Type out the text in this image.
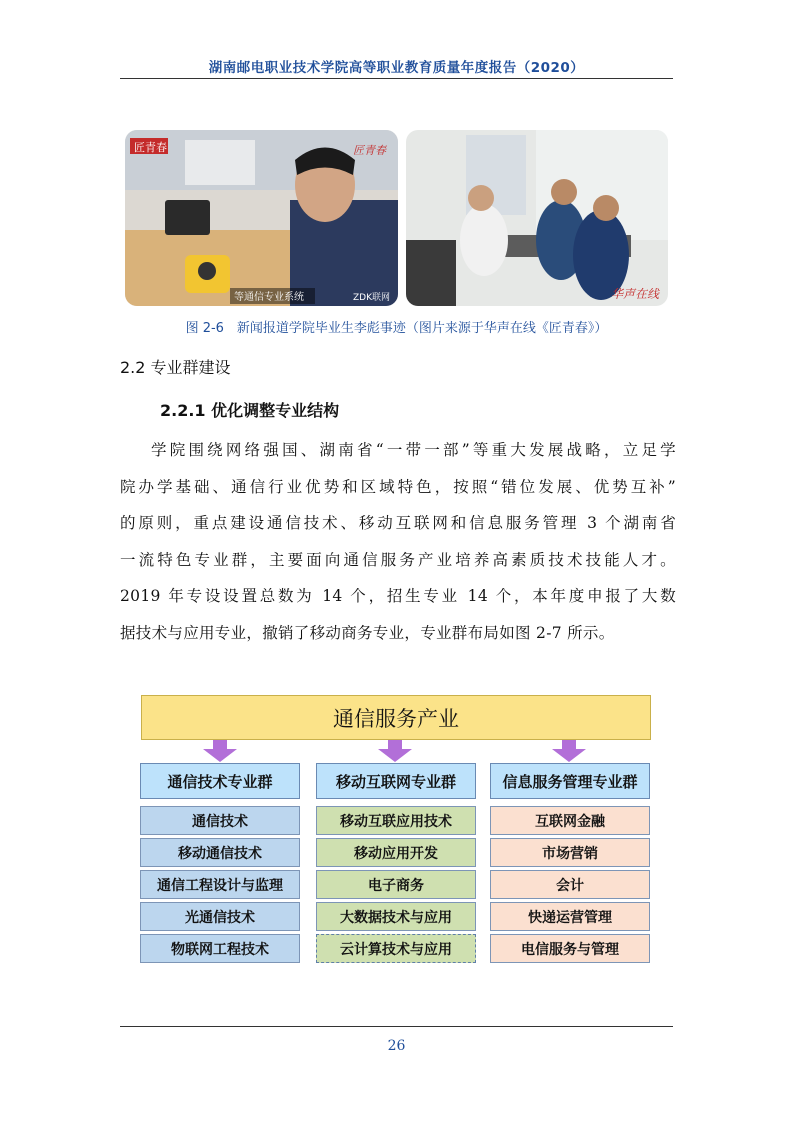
湖南邮电职业技术学院高等职业教育质量年度报告（2020）
匠青春	匠青春
等通信专业系统	ZDK联网	华声在线
图 2-6　新闻报道学院毕业生李彪事迹（图片来源于华声在线《匠青春》）
2.2 专业群建设
2.2.1 优化调整专业结构
学院围绕网络强国、湖南省“一带一部”等重大发展战略，立足学
院办学基础、通信行业优势和区域特色，按照“错位发展、优势互补”
的原则，重点建设通信技术、移动互联网和信息服务管理 3 个湖南省
一流特色专业群，主要面向通信服务产业培养高素质技术技能人才。
2019 年专设设置总数为 14 个，招生专业 14 个，本年度申报了大数
据技术与应用专业，撤销了移动商务专业，专业群布局如图 2-7 所示。
通信服务产业
通信技术专业群
通信技术
移动通信技术
通信工程设计与监理
光通信技术
物联网工程技术
移动互联网专业群
移动互联应用技术
移动应用开发
电子商务
大数据技术与应用
云计算技术与应用
信息服务管理专业群
互联网金融
市场营销
会计
快递运营管理
电信服务与管理
26
